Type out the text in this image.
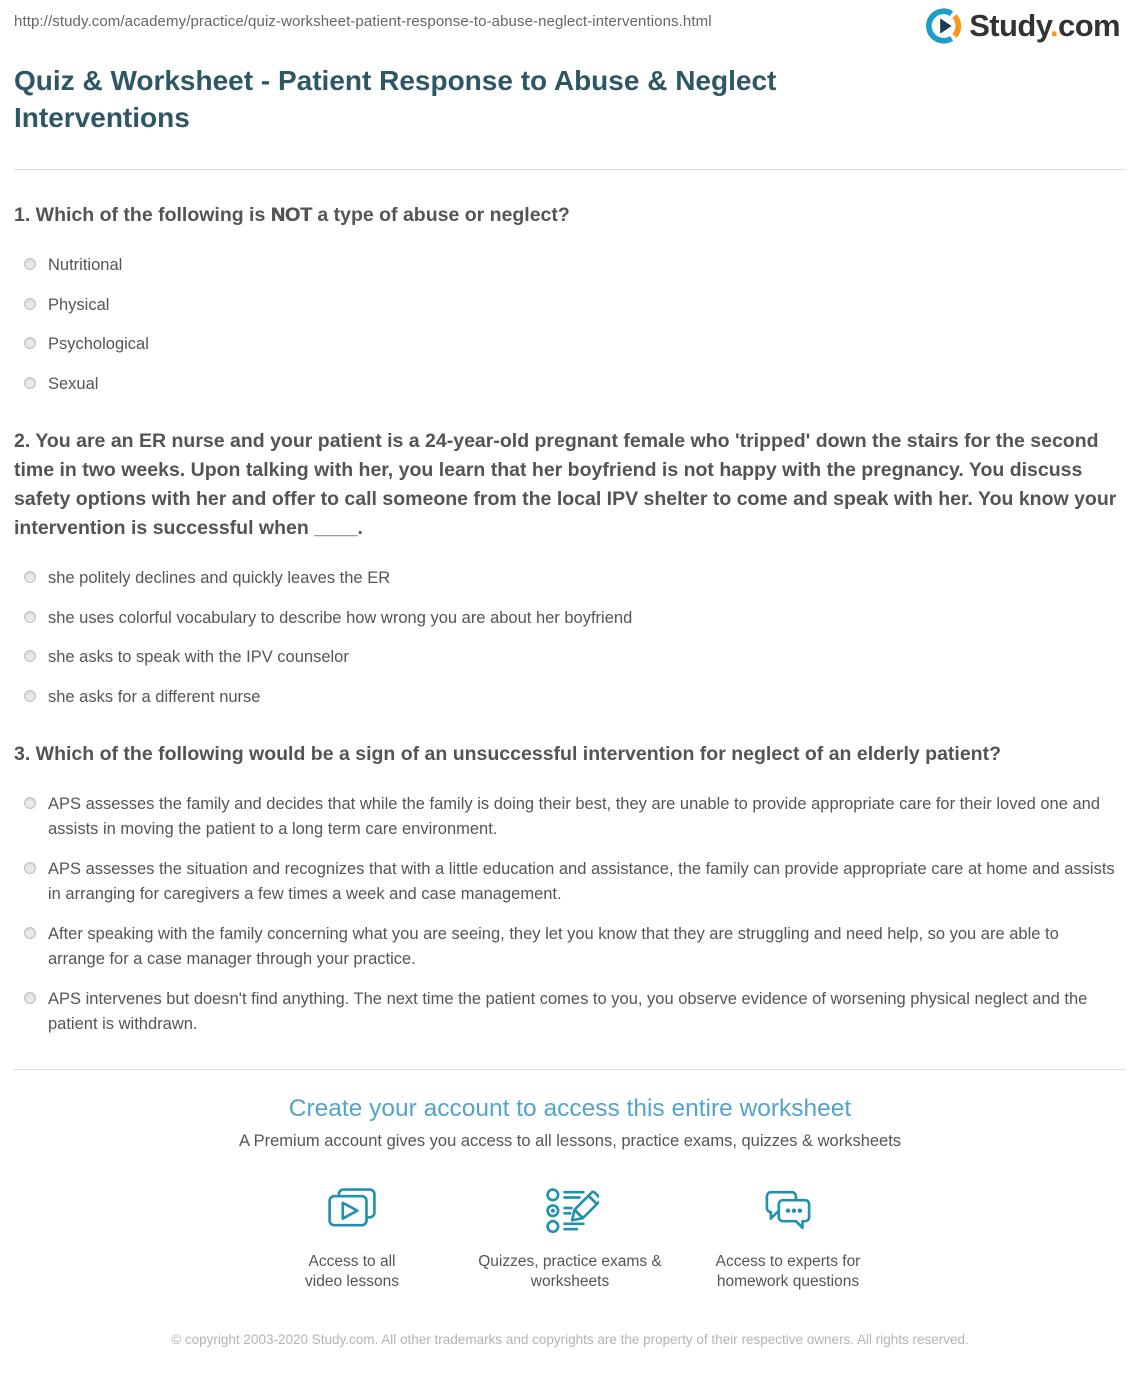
http://study.com/academy/practice/quiz-worksheet-patient-response-to-abuse-neglect-interventions.html	Study.com
Quiz & Worksheet - Patient Response to Abuse & Neglect Interventions
1. Which of the following is NOT a type of abuse or neglect?
Nutritional
Physical
Psychological
Sexual
2. You are an ER nurse and your patient is a 24-year-old pregnant female who 'tripped' down the stairs for the second time in two weeks. Upon talking with her, you learn that her boyfriend is not happy with the pregnancy. You discuss safety options with her and offer to call someone from the local IPV shelter to come and speak with her. You know your intervention is successful when ____.
she politely declines and quickly leaves the ER
she uses colorful vocabulary to describe how wrong you are about her boyfriend
she asks to speak with the IPV counselor
she asks for a different nurse
3. Which of the following would be a sign of an unsuccessful intervention for neglect of an elderly patient?
APS assesses the family and decides that while the family is doing their best, they are unable to provide appropriate care for their loved one and assists in moving the patient to a long term care environment.
APS assesses the situation and recognizes that with a little education and assistance, the family can provide appropriate care at home and assists in arranging for caregivers a few times a week and case management.
After speaking with the family concerning what you are seeing, they let you know that they are struggling and need help, so you are able to arrange for a case manager through your practice.
APS intervenes but doesn't find anything. The next time the patient comes to you, you observe evidence of worsening physical neglect and the patient is withdrawn.
Create your account to access this entire worksheet

A Premium account gives you access to all lessons, practice exams, quizzes & worksheets

Access to all video lessons
Quizzes, practice exams & worksheets
Access to experts for homework questions

© copyright 2003-2020 Study.com. All other trademarks and copyrights are the property of their respective owners. All rights reserved.
